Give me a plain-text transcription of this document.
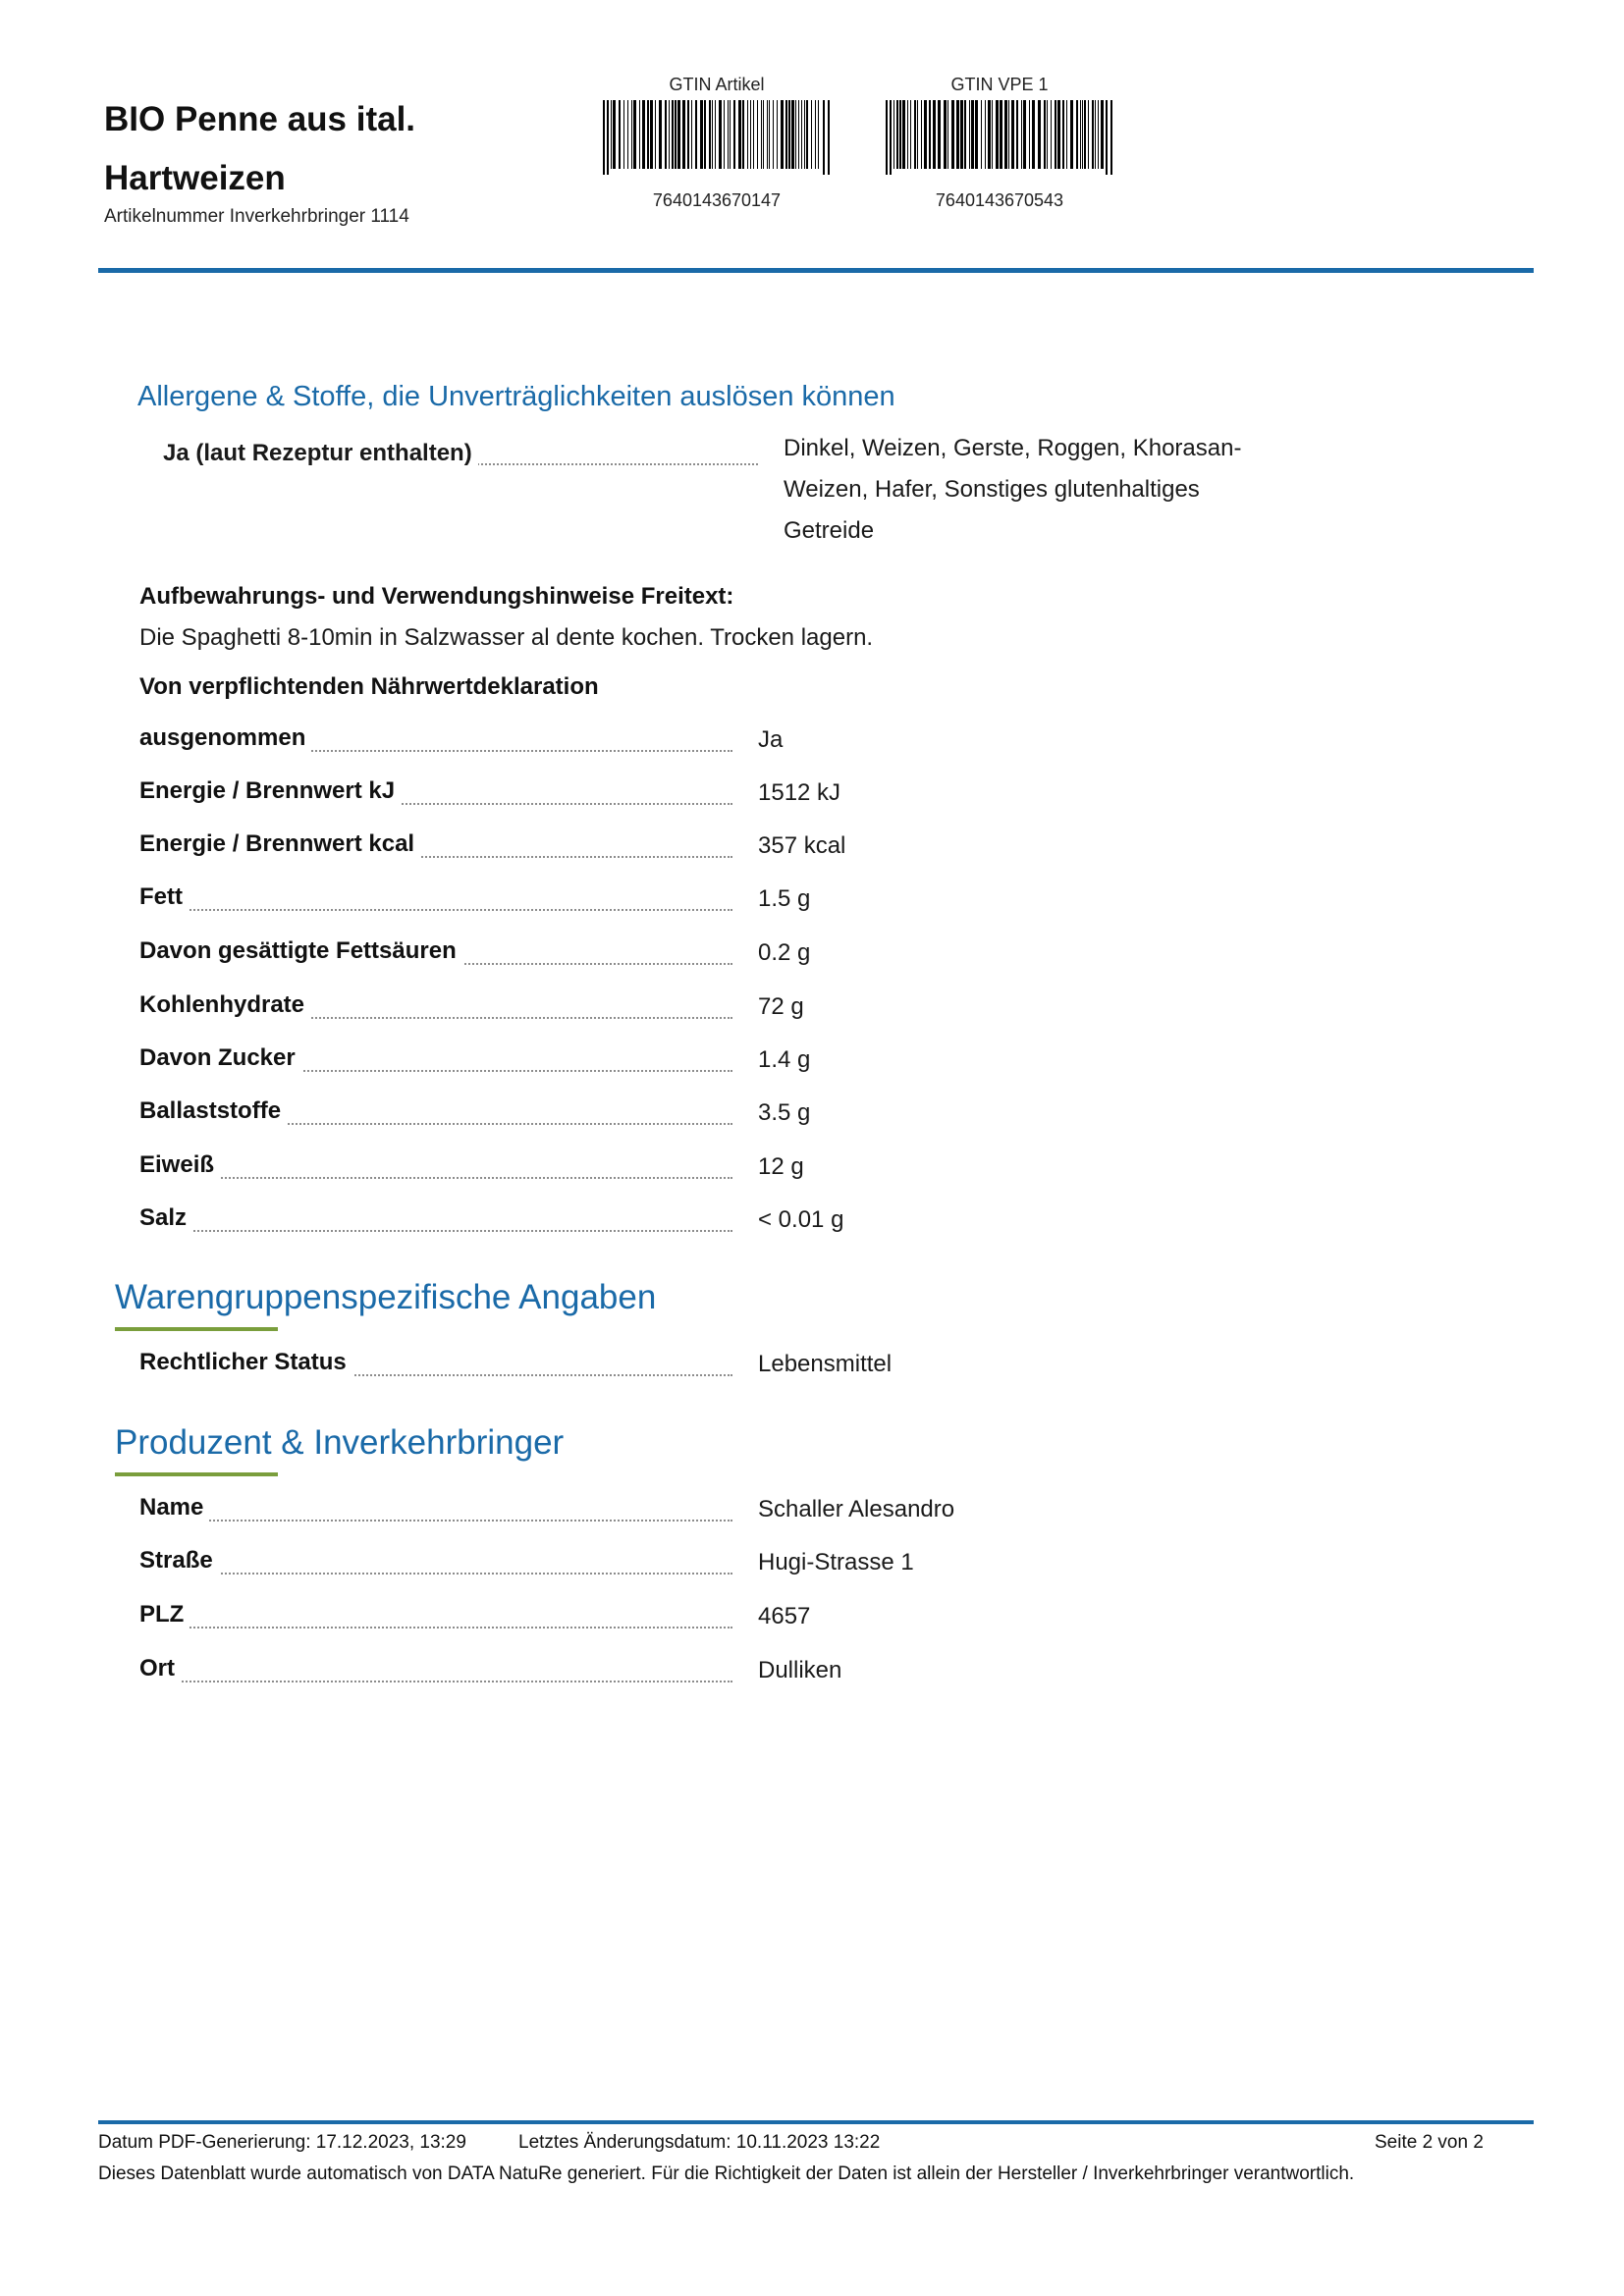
BIO Penne aus ital. Hartweizen
Artikelnummer Inverkehrbringer 1114
GTIN Artikel
7640143670147
GTIN VPE 1
7640143670543
Allergene & Stoffe, die Unverträglichkeiten auslösen können
Ja (laut Rezeptur enthalten)	Dinkel, Weizen, Gerste, Roggen, Khorasan-Weizen, Hafer, Sonstiges glutenhaltiges Getreide
Aufbewahrungs- und Verwendungshinweise Freitext:
Die Spaghetti 8-10min in Salzwasser al dente kochen. Trocken lagern.
Von verpflichtenden Nährwertdeklaration
ausgenommen	Ja
Energie / Brennwert kJ	1512 kJ
Energie / Brennwert kcal	357 kcal
Fett	1.5 g
Davon gesättigte Fettsäuren	0.2 g
Kohlenhydrate	72 g
Davon Zucker	1.4 g
Ballaststoffe	3.5 g
Eiweiß	12 g
Salz	< 0.01 g
Warengruppenspezifische Angaben
Rechtlicher Status	Lebensmittel
Produzent & Inverkehrbringer
Name	Schaller Alesandro
Straße	Hugi-Strasse 1
PLZ	4657
Ort	Dulliken
Datum PDF-Generierung: 17.12.2023, 13:29	Letztes Änderungsdatum: 10.11.2023 13:22	Seite 2 von 2
Dieses Datenblatt wurde automatisch von DATA NatuRe generiert. Für die Richtigkeit der Daten ist allein der Hersteller / Inverkehrbringer verantwortlich.
